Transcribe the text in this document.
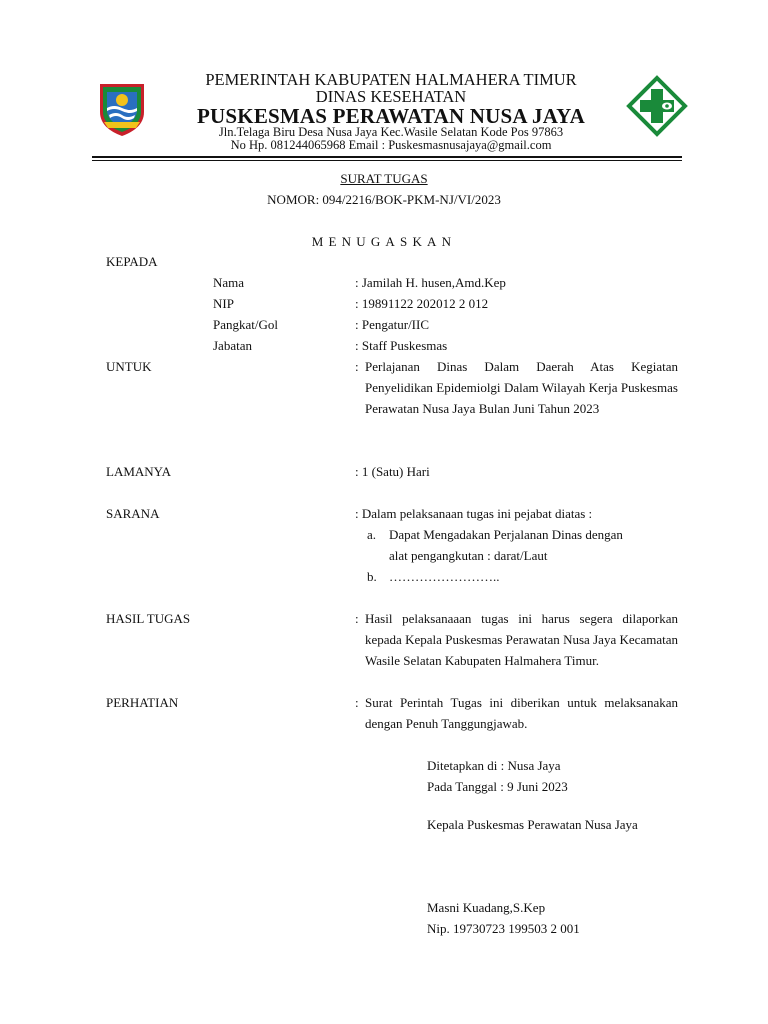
PEMERINTAH KABUPATEN HALMAHERA TIMUR
DINAS KESEHATAN
PUSKESMAS PERAWATAN NUSA JAYA
Jln.Telaga Biru Desa Nusa Jaya Kec.Wasile Selatan Kode Pos 97863
No Hp. 081244065968 Email : Puskesmasnusajaya@gmail.com
SURAT TUGAS
NOMOR: 094/2216/BOK-PKM-NJ/VI/2023
MENUGASKAN
KEPADA
Nama	: Jamilah H. husen,Amd.Kep
NIP	: 19891122 202012 2 012
Pangkat/Gol	: Pengatur/IIC
Jabatan	: Staff Puskesmas
UNTUK	: Perlajanan Dinas Dalam Daerah Atas Kegiatan Penyelidikan Epidemiolgi Dalam Wilayah Kerja Puskesmas Perawatan Nusa Jaya Bulan Juni Tahun 2023
LAMANYA	: 1 (Satu) Hari
SARANA	: Dalam pelaksanaan tugas ini pejabat diatas :
a. Dapat Mengadakan Perjalanan Dinas dengan
alat pengangkutan : darat/Laut
b. ……………………..
HASIL TUGAS	: Hasil pelaksanaaan tugas ini harus segera dilaporkan kepada Kepala Puskesmas Perawatan Nusa Jaya Kecamatan Wasile Selatan Kabupaten Halmahera Timur.
PERHATIAN	: Surat Perintah Tugas ini diberikan untuk melaksanakan dengan Penuh Tanggungjawab.
Ditetapkan di : Nusa Jaya
Pada Tanggal : 9 Juni 2023
Kepala Puskesmas Perawatan Nusa Jaya
Masni Kuadang,S.Kep
Nip. 19730723 199503 2 001
